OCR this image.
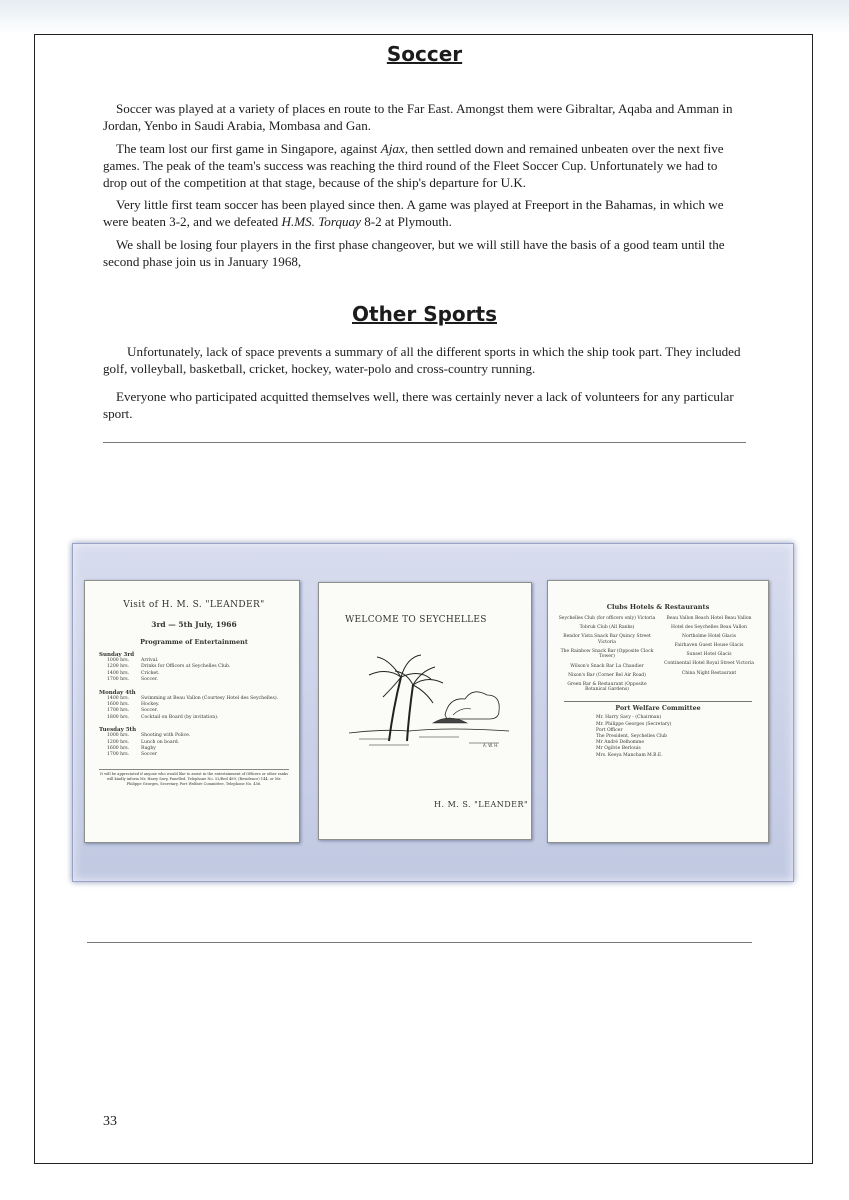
Soccer

Soccer was played at a variety of places en route to the Far East. Amongst them were Gibraltar, Aqaba and Amman in Jordan, Yenbo in Saudi Arabia, Mombasa and Gan.

The team lost our first game in Singapore, against Ajax, then settled down and remained unbeaten over the next five games. The peak of the team's success was reaching the third round of the Fleet Soccer Cup. Unfortunately we had to drop out of the competition at that stage, because of the ship's departure for U.K.

Very little first team soccer has been played since then. A game was played at Freeport in the Bahamas, in which we were beaten 3-2, and we defeated H.MS. Torquay 8-2 at Plymouth.

We shall be losing four players in the first phase changeover, but we will still have the basis of a good team until the second phase join us in January 1968,

Other Sports

Unfortunately, lack of space prevents a summary of all the different sports in which the ship took part. They included golf, volleyball, basketball, cricket, hockey, water-polo and cross-country running.

Everyone who participated acquitted themselves well, there was certainly never a lack of volunteers for any particular sport.

Visit of H. M. S. "LEANDER"
3rd — 5th July, 1966
Programme of Entertainment
Sunday 3rd
1000 hrs.	Arrival.
1200 hrs.	Drinks for Officers at Seychelles Club.
1400 hrs.	Cricket.
1700 hrs.	Soccer.
Monday 4th
1400 hrs.	Swimming at Beau Vallon (Courtesy Hotel des Seychelles).
1600 hrs.	Hockey.
1700 hrs.	Soccer.
1800 hrs.	Cocktail on Board (by invitation).
Tuesday 5th
1000 hrs.	Shooting with Police.
1200 hrs.	Lunch on board.
1600 hrs.	Rugby
1700 hrs.	Soccer
It will be appreciated if anyone who would like to assist in the entertainment of Officers or other ranks will kindly inform Mr. Harry Savy, Panelled, Telephone No. 52/Red 489, (Residence) 144, or Mr. Philippe Georges, Secretary, Port Welfare Committee, Telephone No. 456.
WELCOME TO SEYCHELLES
A. W. H.
H. M. S. "LEANDER"
Clubs Hotels & Restaurants
Seychelles Club (for officers only) Victoria
Tobruk Club (All Ranks)
Bendor Vista Snack Bar Quincy Street Victoria
The Rainbow Snack Bar (Opposite Clock Tower)
Wilson's Snack Bar La Chaudier
Nixon's Bar (Corner Bel Air Road)
Green Bar & Restaurant (Opposite Botanical Gardens)
Beau Vallon Beach Hotel Beau Vallon
Hotel des Seychelles Beau Vallon
Northolme Hotel Glacis
Fairhaven Guest House Glacis
Sunset Hotel Glacis
Continental Hotel Royal Street Victoria
China Night Restaurant
Port Welfare Committee
Mr. Harry Savy - (Chairman)
Mr. Philippe Georges (Secretary)
Port Officer
The President, Seychelles Club
Mr André Delhomme
Mr Ogilvie Berlouis
Mrs. Keeya Mancham M.B.E.
33
